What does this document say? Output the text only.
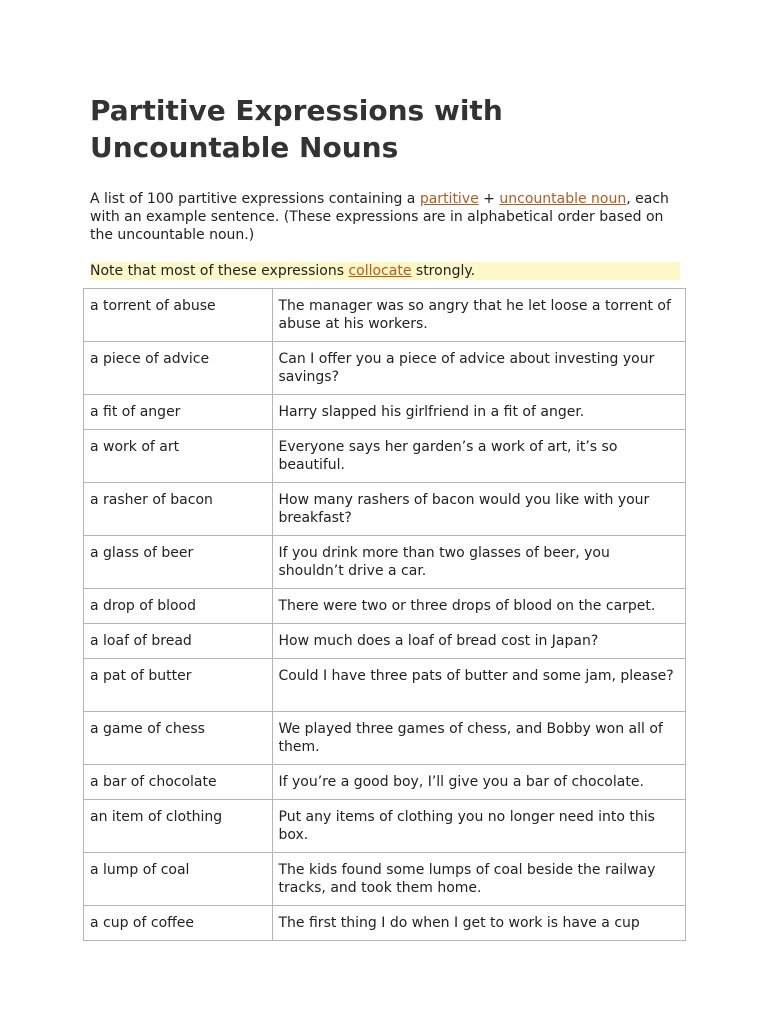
Partitive Expressions with Uncountable Nouns

A list of 100 partitive expressions containing a partitive + uncountable noun, each with an example sentence. (These expressions are in alphabetical order based on the uncountable noun.)

Note that most of these expressions collocate strongly.
a torrent of abuse	The manager was so angry that he let loose a torrent of abuse at his workers.
a piece of advice	Can I offer you a piece of advice about investing your savings?
a fit of anger	Harry slapped his girlfriend in a fit of anger.
a work of art	Everyone says her garden’s a work of art, it’s so beautiful.
a rasher of bacon	How many rashers of bacon would you like with your breakfast?
a glass of beer	If you drink more than two glasses of beer, you shouldn’t drive a car.
a drop of blood	There were two or three drops of blood on the carpet.
a loaf of bread	How much does a loaf of bread cost in Japan?
a pat of butter	Could I have three pats of butter and some jam, please?
a game of chess	We played three games of chess, and Bobby won all of them.
a bar of chocolate	If you’re a good boy, I’ll give you a bar of chocolate.
an item of clothing	Put any items of clothing you no longer need into this box.
a lump of coal	The kids found some lumps of coal beside the railway tracks, and took them home.
a cup of coffee	The first thing I do when I get to work is have a cup
